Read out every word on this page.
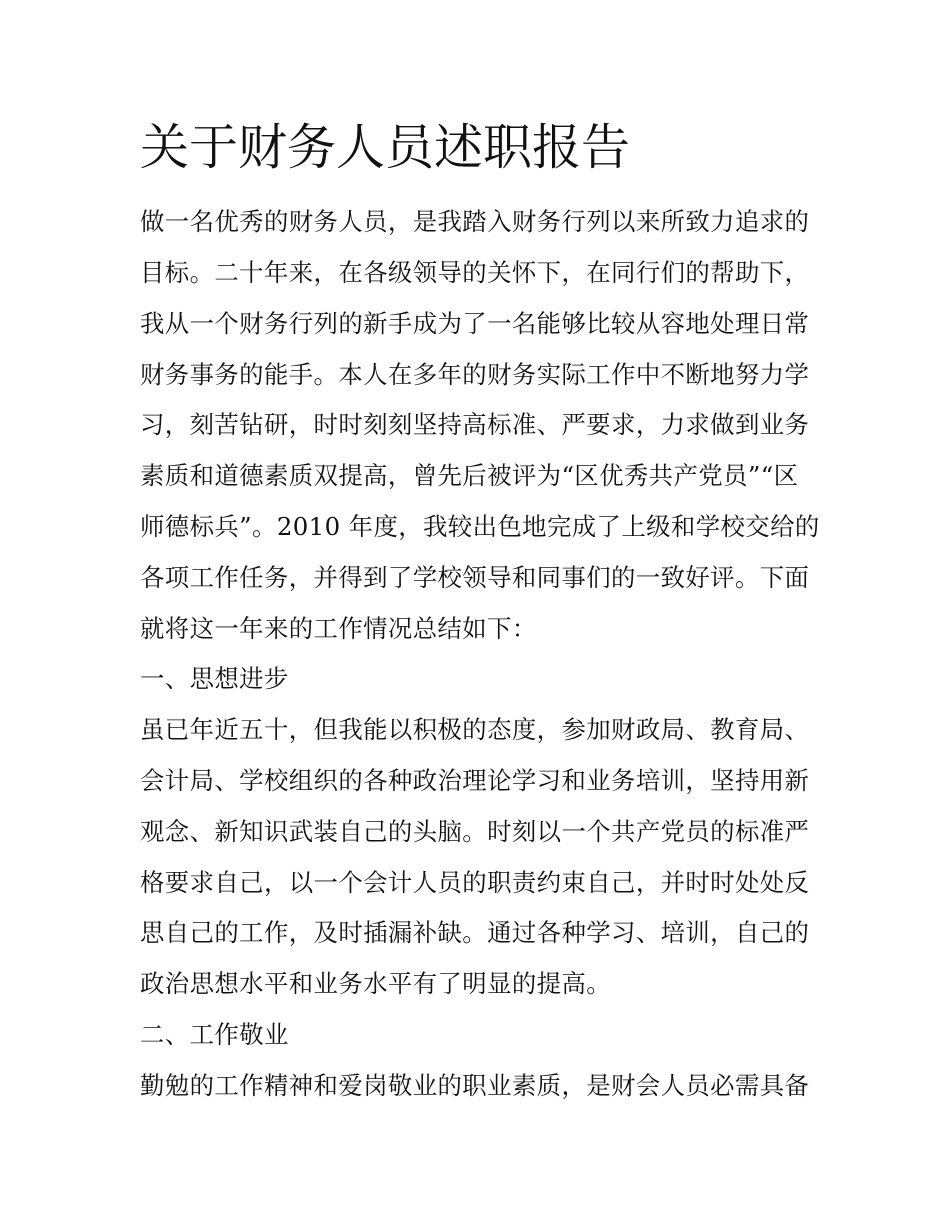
关于财务人员述职报告

做一名优秀的财务人员，是我踏入财务行列以来所致力追求的

目标。二十年来，在各级领导的关怀下，在同行们的帮助下，

我从一个财务行列的新手成为了一名能够比较从容地处理日常

财务事务的能手。本人在多年的财务实际工作中不断地努力学

习，刻苦钻研，时时刻刻坚持高标准、严要求，力求做到业务

素质和道德素质双提高，曾先后被评为“区优秀共产党员”“区

师德标兵”。2010 年度，我较出色地完成了上级和学校交给的

各项工作任务，并得到了学校领导和同事们的一致好评。下面

就将这一年来的工作情况总结如下：

一、思想进步

虽已年近五十，但我能以积极的态度，参加财政局、教育局、

会计局、学校组织的各种政治理论学习和业务培训，坚持用新

观念、新知识武装自己的头脑。时刻以一个共产党员的标准严

格要求自己，以一个会计人员的职责约束自己，并时时处处反

思自己的工作，及时插漏补缺。通过各种学习、培训，自己的

政治思想水平和业务水平有了明显的提高。

二、工作敬业

勤勉的工作精神和爱岗敬业的职业素质，是财会人员必需具备
